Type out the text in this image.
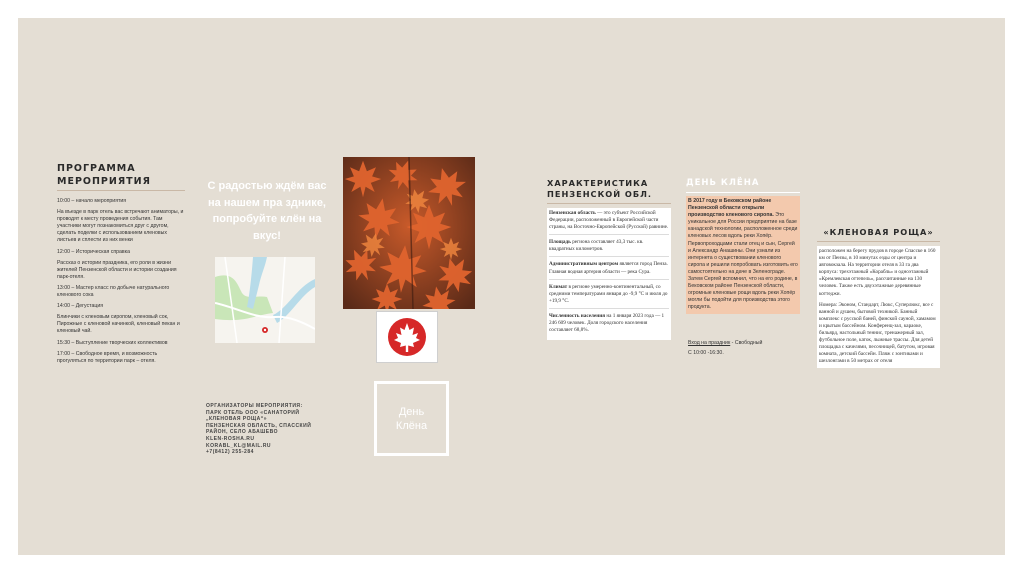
ПРОГРАММА МЕРОПРИЯТИЯ
10:00 – начало мероприятия
На въезде в парк отель вас встречают аниматоры, и проводят к месту проведения события. Там участники могут познакомиться друг с другом, сделать поделки с использованием кленовых листьев и сплести из них венки
12:00 – Историческая справка
Рассказ о истории праздника, его роли в жизни жителей Пензенской области и истории создания парк-отеля.
13:00 – Мастер класс по добыче натурального кленового сока
14:00 – Дегустация
Блинчики с кленовым сиропом, кленовый сок, Пирожные с кленовой начинкой, кленовый пекан и кленовый чай.
15:30 – Выступление творческих коллективов
17:00 – Свободное время, и возможность прогуляться по территории парк – отеля.
С радостью ждём вас на нашем пра здникe, попробуйте клён на вкус!
ОРГАНИЗАТОРЫ МЕРОПРИЯТИЯ:
ПАРК ОТЕЛЬ ООО «САНАТОРИЙ „КЛЕНОВАЯ РОЩА“»
ПЕНЗЕНСКАЯ ОБЛАСТЬ, СПАССКИЙ РАЙОН, СЕЛО АБАШЕВО
KLEN-ROSHA.RU
KORABL_KL@MAIL.RU
+7(8412) 255-284
День Клёна
ХАРАКТЕРИСТИКА ПЕНЗЕНСКОЙ ОБЛ.

Пензенская область — это субъект Российской Федерации, расположенный в Европейской части страны, на Восточно-Европейской (Русской) равнине.

Площадь региона составляет 43,3 тыс. кв. квадратных километров.

Административным центром является город Пенза. Главная водная артерия области — река Сура.

Климат в регионе умеренно-континентальный, со средними температурами января до -9,9 °C и июля до +19,9 °C.

Численность населения на 1 января 2023 года — 1 246 609 человек. Доля городского населения составляет 68,8%.

ДЕНЬ КЛЁНА
В 2017 году в Бековском районе Пензенской области открыли производство кленового сиропа. Это уникальное для России предприятие на базе канадской технологии, расположенное среди кленовых лесов вдоль реки Хопёр. Первопроходцами стали отец и сын, Сергей и Александр Анашины. Они узнали из интернета о существовании кленового сиропа и решили попробовать изготовить его самостоятельно на даче в Зеленограде. Затем Сергей вспомнил, что на его родине, в Бековском районе Пензенской области, огромные кленовые рощи вдоль реки Хопёр могли бы подойти для производства этого продукта.
Вход на праздник - Свободный
С 10:00 -16:30.
«КЛЕНОВАЯ РОЩА»

расположен на берегу прудов в городе Спасске в 160 км от Пензы, в 10 минутах езды от центра и автовокзала. На территории отеля в 33 га два корпуса: трехэтажный «Корабль» и одноэтажный «Кремлевская оттепель», рассчитанные на 130 человек. Также есть двухэтажные деревянные коттеджи.

Номера: Эконом, Стандарт, Люкс, Суперлюкс, все с ванной и душем, бытовой техникой. Банный комплекс с русской баней, финской сауной, хамамом и крытым бассейном. Конференц-зал, караоке, бильярд, настольный теннис, тренажерный зал, футбольное поле, каток, лыжные трассы. Для детей площадка с качелями, песочницей, батутом, игровая комната, детский бассейн. Пляж с зонтиками и шезлонгами в 50 метрах от отеля
